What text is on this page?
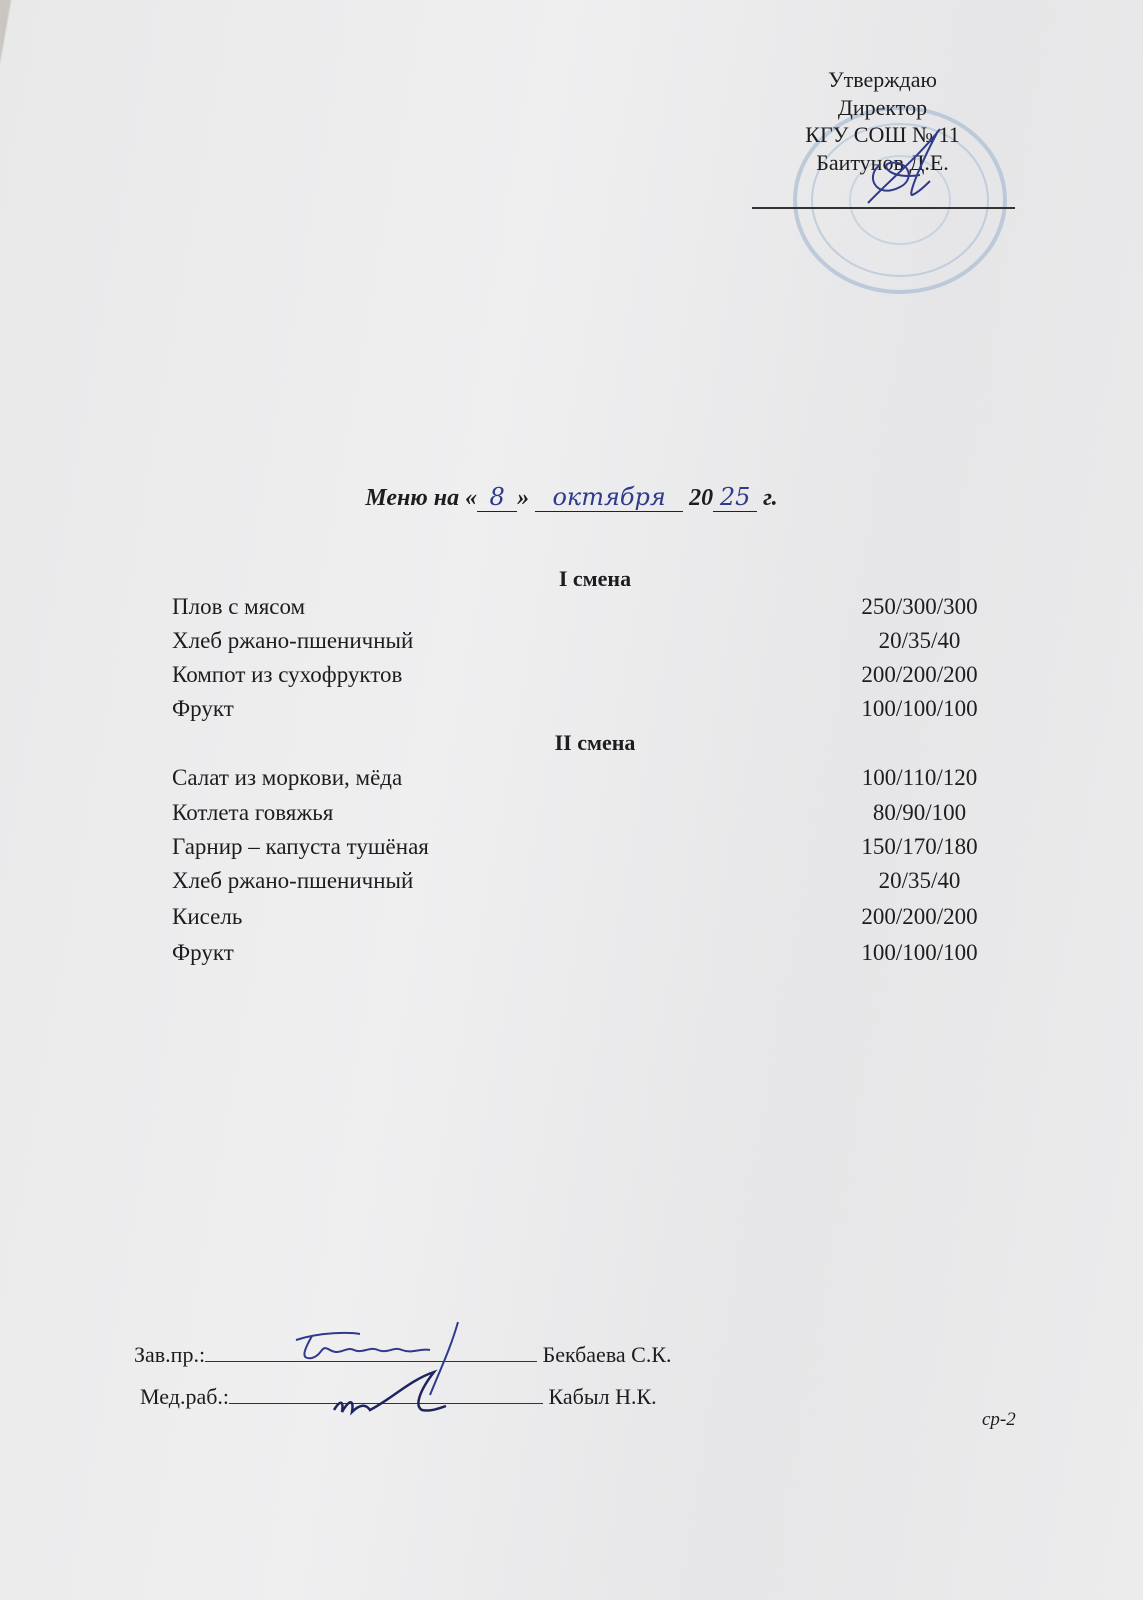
Утверждаю
Директор
КГУ СОШ № 11
Баитунов Д.Е.
Меню на « 8 » октября 20 25 г.
I смена
Плов с мясом	250/300/300
Хлеб ржано-пшеничный	20/35/40
Компот из сухофруктов	200/200/200
Фрукт	100/100/100
II смена
Салат из моркови, мёда	100/110/120
Котлета говяжья	80/90/100
Гарнир – капуста тушёная	150/170/180
Хлеб ржано-пшеничный	20/35/40
Кисель	200/200/200
Фрукт	100/100/100
Зав.пр.:	Бекбаева С.К.
Мед.раб.:	Кабыл Н.К.
ср-2
